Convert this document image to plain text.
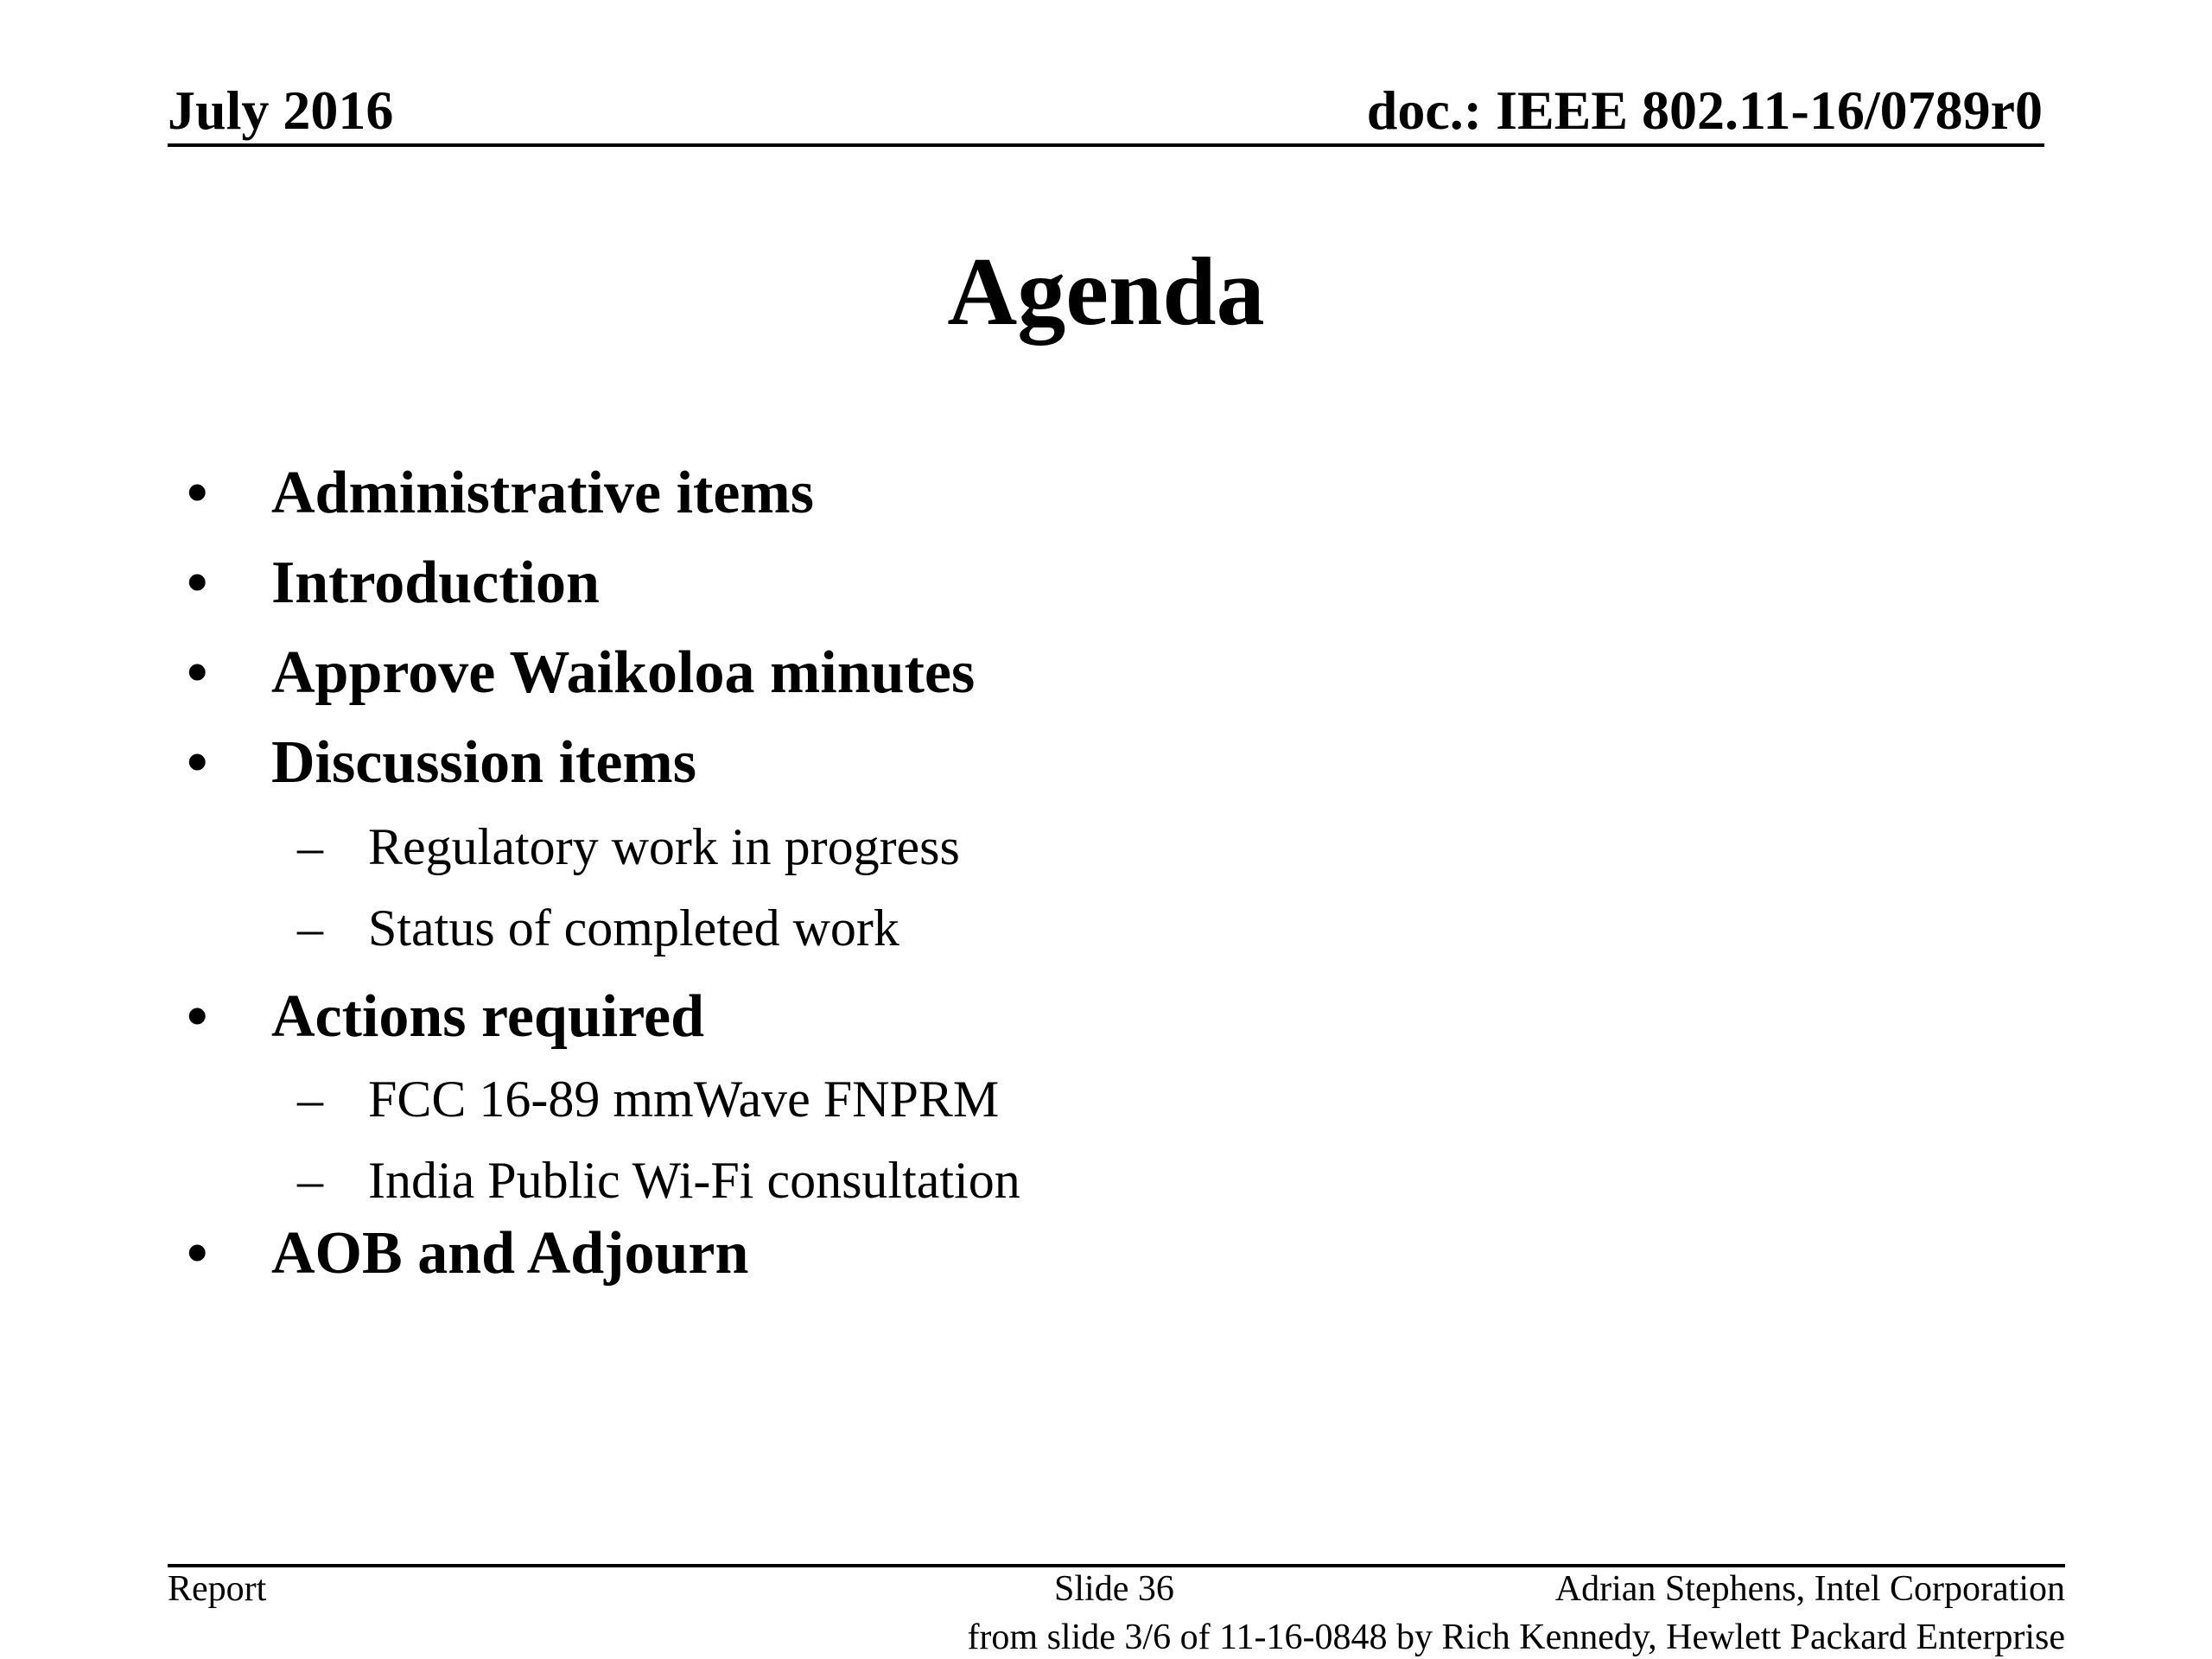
July 2016	doc.: IEEE 802.11-16/0789r0
Agenda
• Administrative items
• Introduction
• Approve Waikoloa minutes
• Discussion items
– Regulatory work in progress
– Status of completed work
• Actions required
– FCC 16-89 mmWave FNPRM
– India Public Wi-Fi consultation
• AOB and Adjourn
Report	Slide 36	Adrian Stephens, Intel Corporation
from slide 3/6 of 11-16-0848 by Rich Kennedy, Hewlett Packard Enterprise
